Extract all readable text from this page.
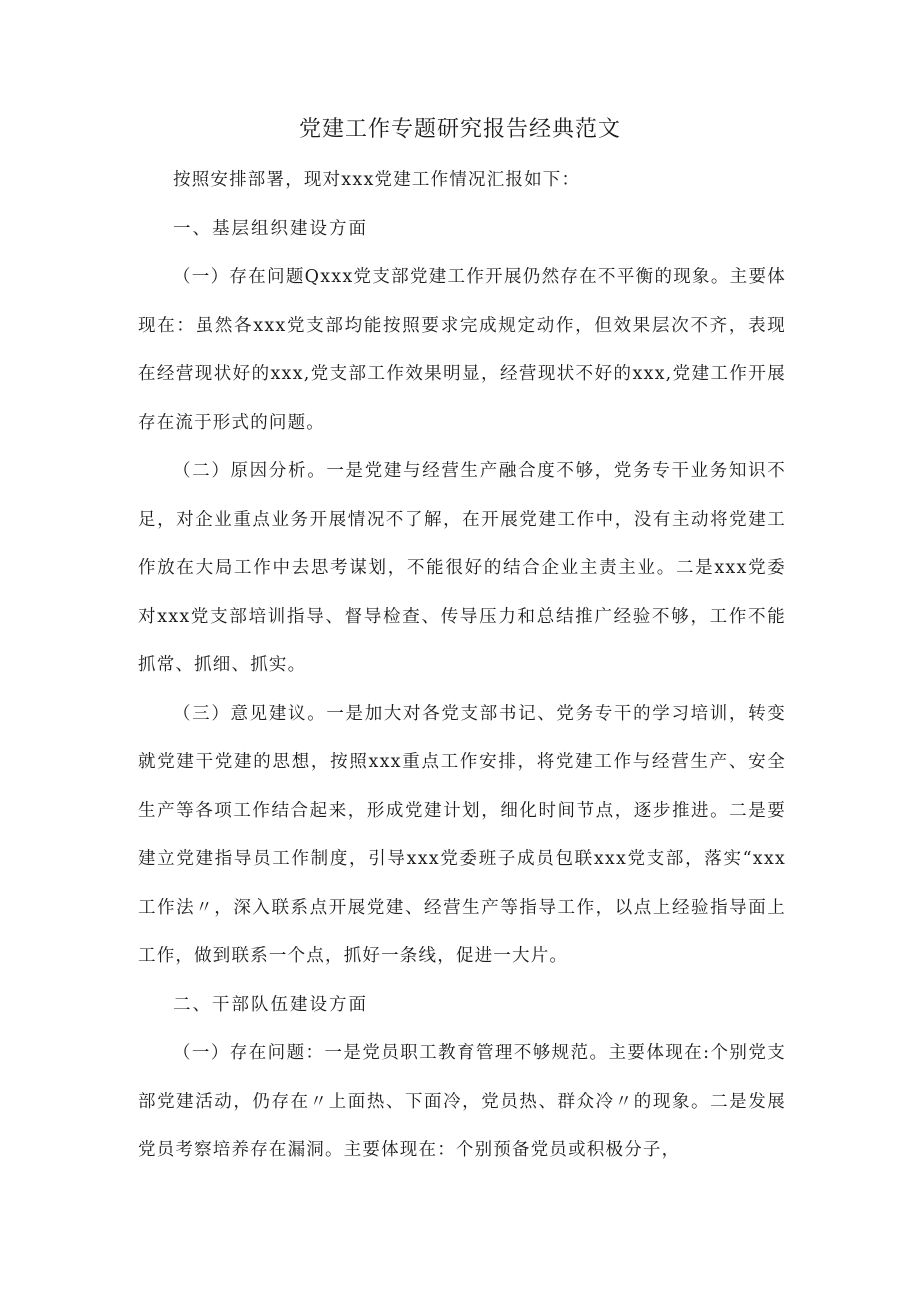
党建工作专题研究报告经典范文

按照安排部署，现对xxx党建工作情况汇报如下：

一、基层组织建设方面

（一）存在问题Qxxx党支部党建工作开展仍然存在不平衡的现象。主要体现在：虽然各xxx党支部均能按照要求完成规定动作，但效果层次不齐，表现在经营现状好的xxx,党支部工作效果明显，经营现状不好的xxx,党建工作开展存在流于形式的问题。

（二）原因分析。一是党建与经营生产融合度不够，党务专干业务知识不足，对企业重点业务开展情况不了解，在开展党建工作中，没有主动将党建工作放在大局工作中去思考谋划，不能很好的结合企业主责主业。二是xxx党委对xxx党支部培训指导、督导检查、传导压力和总结推广经验不够，工作不能抓常、抓细、抓实。

（三）意见建议。一是加大对各党支部书记、党务专干的学习培训，转变就党建干党建的思想，按照xxx重点工作安排，将党建工作与经营生产、安全生产等各项工作结合起来，形成党建计划，细化时间节点，逐步推进。二是要建立党建指导员工作制度，引导xxx党委班子成员包联xxx党支部，落实“xxx工作法〃，深入联系点开展党建、经营生产等指导工作，以点上经验指导面上工作，做到联系一个点，抓好一条线，促进一大片。

二、干部队伍建设方面

（一）存在问题：一是党员职工教育管理不够规范。主要体现在:个别党支部党建活动，仍存在〃上面热、下面冷，党员热、群众冷〃的现象。二是发展党员考察培养存在漏洞。主要体现在：个别预备党员或积极分子，
